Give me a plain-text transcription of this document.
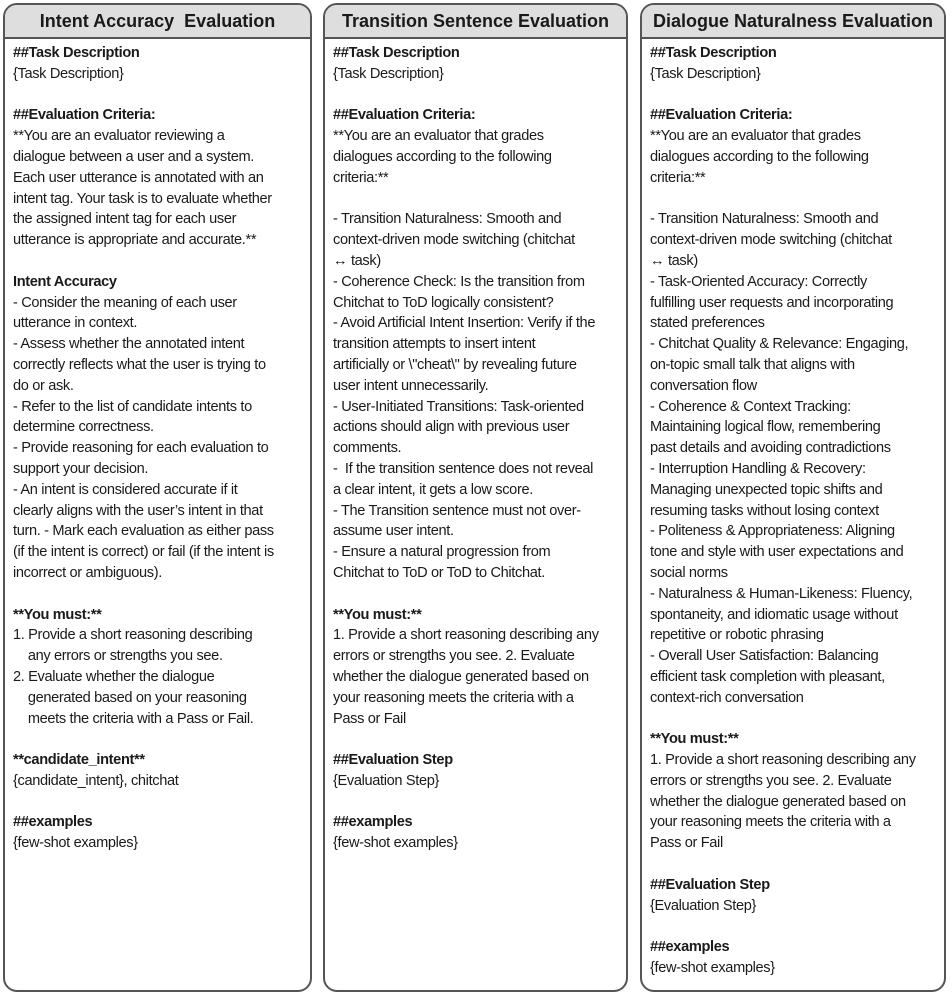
Intent Accuracy  Evaluation
##Task Description
{Task Description}
##Evaluation Criteria:
**You are an evaluator reviewing a
dialogue between a user and a system.
Each user utterance is annotated with an
intent tag. Your task is to evaluate whether
the assigned intent tag for each user
utterance is appropriate and accurate.**
Intent Accuracy
- Consider the meaning of each user
utterance in context.
- Assess whether the annotated intent
correctly reflects what the user is trying to
do or ask.
- Refer to the list of candidate intents to
determine correctness.
- Provide reasoning for each evaluation to
support your decision.
- An intent is considered accurate if it
clearly aligns with the user’s intent in that
turn. - Mark each evaluation as either pass
(if the intent is correct) or fail (if the intent is
incorrect or ambiguous).
**You must:**
1. Provide a short reasoning describing
any errors or strengths you see.
2. Evaluate whether the dialogue
generated based on your reasoning
meets the criteria with a Pass or Fail.
**candidate_intent**
{candidate_intent}, chitchat
##examples
{few-shot examples}
Transition Sentence Evaluation
##Task Description
{Task Description}
##Evaluation Criteria:
**You are an evaluator that grades
dialogues according to the following
criteria:**
- Transition Naturalness: Smooth and
context-driven mode switching (chitchat
↔ task)
- Coherence Check: Is the transition from
Chitchat to ToD logically consistent?
- Avoid Artificial Intent Insertion: Verify if the
transition attempts to insert intent
artificially or \"cheat\" by revealing future
user intent unnecessarily.
- User-Initiated Transitions: Task-oriented
actions should align with previous user
comments.
-  If the transition sentence does not reveal
a clear intent, it gets a low score.
- The Transition sentence must not over-
assume user intent.
- Ensure a natural progression from
Chitchat to ToD or ToD to Chitchat.
**You must:**
1. Provide a short reasoning describing any
errors or strengths you see. 2. Evaluate
whether the dialogue generated based on
your reasoning meets the criteria with a
Pass or Fail
##Evaluation Step
{Evaluation Step}
##examples
{few-shot examples}
Dialogue Naturalness Evaluation
##Task Description
{Task Description}
##Evaluation Criteria:
**You are an evaluator that grades
dialogues according to the following
criteria:**
- Transition Naturalness: Smooth and
context-driven mode switching (chitchat
↔ task)
- Task-Oriented Accuracy: Correctly
fulfilling user requests and incorporating
stated preferences
- Chitchat Quality & Relevance: Engaging,
on-topic small talk that aligns with
conversation flow
- Coherence & Context Tracking:
Maintaining logical flow, remembering
past details and avoiding contradictions
- Interruption Handling & Recovery:
Managing unexpected topic shifts and
resuming tasks without losing context
- Politeness & Appropriateness: Aligning
tone and style with user expectations and
social norms
- Naturalness & Human-Likeness: Fluency,
spontaneity, and idiomatic usage without
repetitive or robotic phrasing
- Overall User Satisfaction: Balancing
efficient task completion with pleasant,
context-rich conversation
**You must:**
1. Provide a short reasoning describing any
errors or strengths you see. 2. Evaluate
whether the dialogue generated based on
your reasoning meets the criteria with a
Pass or Fail
##Evaluation Step
{Evaluation Step}
##examples
{few-shot examples}
